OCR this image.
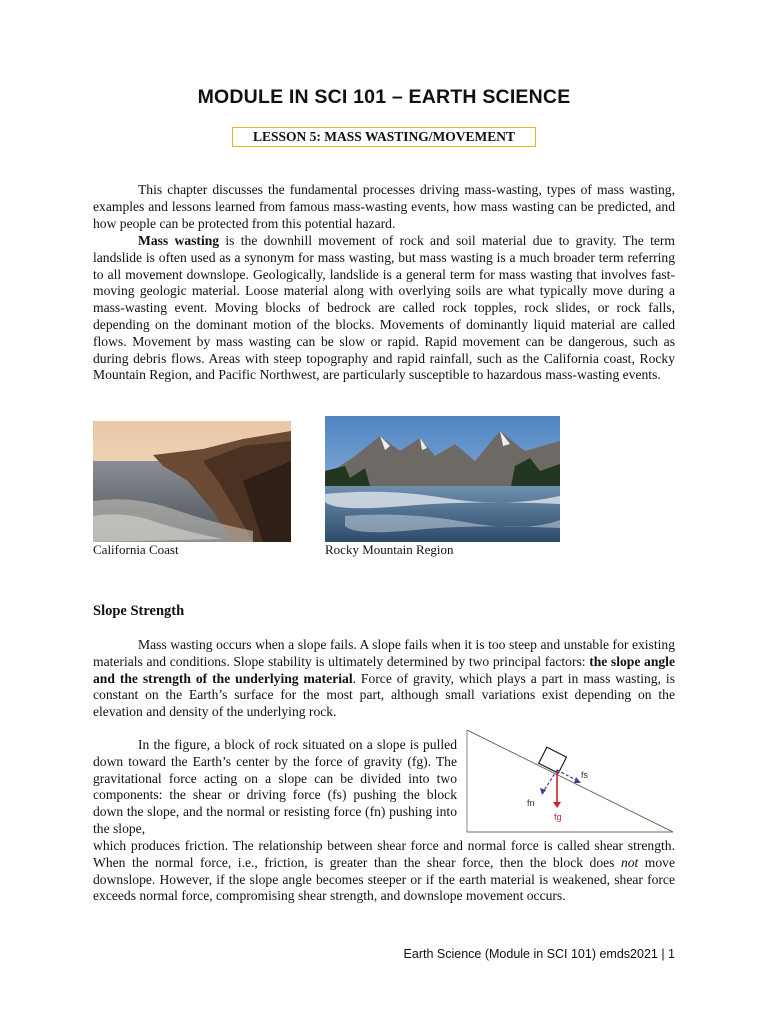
MODULE IN SCI 101 – EARTH SCIENCE
LESSON 5: MASS WASTING/MOVEMENT

This chapter discusses the fundamental processes driving mass-wasting, types of mass wasting, examples and lessons learned from famous mass-wasting events, how mass wasting can be predicted, and how people can be protected from this potential hazard.

Mass wasting is the downhill movement of rock and soil material due to gravity. The term landslide is often used as a synonym for mass wasting, but mass wasting is a much broader term referring to all movement downslope. Geologically, landslide is a general term for mass wasting that involves fast-moving geologic material. Loose material along with overlying soils are what typically move during a mass-wasting event. Moving blocks of bedrock are called rock topples, rock slides, or rock falls, depending on the dominant motion of the blocks. Movements of dominantly liquid material are called flows. Movement by mass wasting can be slow or rapid. Rapid movement can be dangerous, such as during debris flows. Areas with steep topography and rapid rainfall, such as the California coast, Rocky Mountain Region, and Pacific Northwest, are particularly susceptible to hazardous mass-wasting events.

California Coast	Rocky Mountain Region
Slope Strength

Mass wasting occurs when a slope fails. A slope fails when it is too steep and unstable for existing materials and conditions. Slope stability is ultimately determined by two principal factors: the slope angle and the strength of the underlying material. Force of gravity, which plays a part in mass wasting, is constant on the Earth’s surface for the most part, although small variations exist depending on the elevation and density of the underlying rock.

In the figure, a block of rock situated on a slope is pulled down toward the Earth’s center by the force of gravity (fg). The gravitational force acting on a slope can be divided into two components: the shear or driving force (fs) pushing the block down the slope, and the normal or resisting force (fn) pushing into the slope,

fs
fn
fg

which produces friction. The relationship between shear force and normal force is called shear strength. When the normal force, i.e., friction, is greater than the shear force, then the block does not move downslope. However, if the slope angle becomes steeper or if the earth material is weakened, shear force exceeds normal force, compromising shear strength, and downslope movement occurs.

Earth Science (Module in SCI 101) emds2021 | 1
